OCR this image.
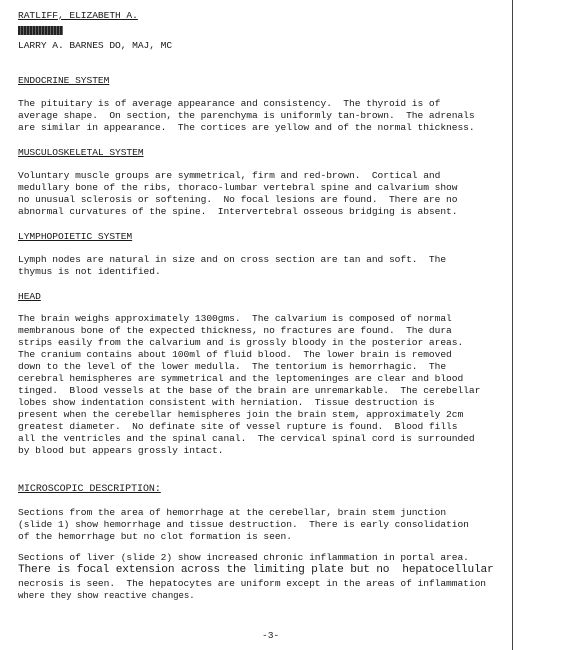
RATLIFF, ELIZABETH A.

LARRY A. BARNES DO, MAJ, MC

ENDOCRINE SYSTEM

The pituitary is of average appearance and consistency.  The thyroid is of

average shape.  On section, the parenchyma is uniformly tan-brown.  The adrenals

are similar in appearance.  The cortices are yellow and of the normal thickness.

MUSCULOSKELETAL SYSTEM

Voluntary muscle groups are symmetrical, firm and red-brown.  Cortical and

medullary bone of the ribs, thoraco-lumbar vertebral spine and calvarium show

no unusual sclerosis or softening.  No focal lesions are found.  There are no

abnormal curvatures of the spine.  Intervertebral osseous bridging is absent.

LYMPHOPOIETIC SYSTEM

Lymph nodes are natural in size and on cross section are tan and soft.  The

thymus is not identified.

HEAD

The brain weighs approximately 1300gms.  The calvarium is composed of normal

membranous bone of the expected thickness, no fractures are found.  The dura

strips easily from the calvarium and is grossly bloody in the posterior areas.

The cranium contains about 100ml of fluid blood.  The lower brain is removed

down to the level of the lower medulla.  The tentorium is hemorrhagic.  The

cerebral hemispheres are symmetrical and the leptomeninges are clear and blood

tinged.  Blood vessels at the base of the brain are unremarkable.  The cerebellar

lobes show indentation consistent with herniation.  Tissue destruction is

present when the cerebellar hemispheres join the brain stem, approximately 2cm

greatest diameter.  No definate site of vessel rupture is found.  Blood fills

all the ventricles and the spinal canal.  The cervical spinal cord is surrounded

by blood but appears grossly intact.

MICROSCOPIC DESCRIPTION:

Sections from the area of hemorrhage at the cerebellar, brain stem junction

(slide 1) show hemorrhage and tissue destruction.  There is early consolidation

of the hemorrhage but no clot formation is seen.

Sections of liver (slide 2) show increased chronic inflammation in portal area.

There is focal extension across the limiting plate but no  hepatocellular

necrosis is seen.  The hepatocytes are uniform except in the areas of inflammation

where they show reactive changes.

-3-
